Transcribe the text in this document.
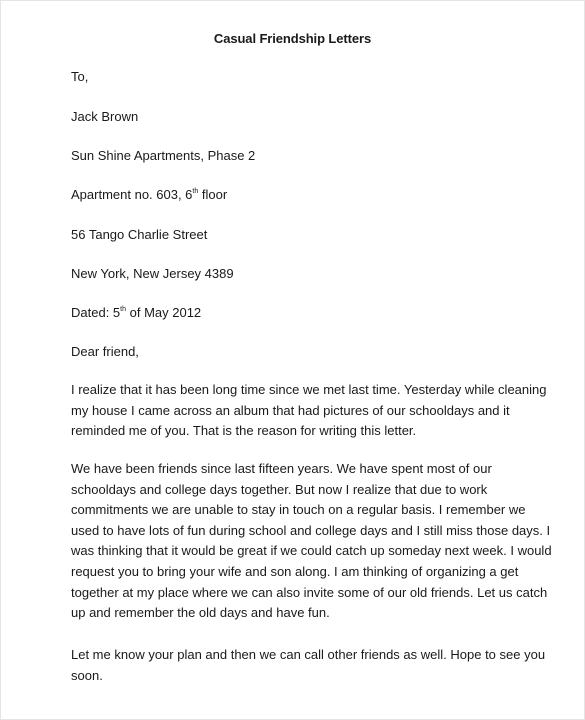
Casual Friendship Letters
To,
Jack Brown
Sun Shine Apartments, Phase 2
Apartment no. 603, 6th floor
56 Tango Charlie Street
New York, New Jersey 4389
Dated: 5th of May 2012
Dear friend,
I realize that it has been long time since we met last time. Yesterday while cleaning
my house I came across an album that had pictures of our schooldays and it
reminded me of you. That is the reason for writing this letter.
We have been friends since last fifteen years. We have spent most of our
schooldays and college days together. But now I realize that due to work
commitments we are unable to stay in touch on a regular basis. I remember we
used to have lots of fun during school and college days and I still miss those days. I
was thinking that it would be great if we could catch up someday next week. I would
request you to bring your wife and son along. I am thinking of organizing a get
together at my place where we can also invite some of our old friends. Let us catch
up and remember the old days and have fun.
Let me know your plan and then we can call other friends as well. Hope to see you
soon.
